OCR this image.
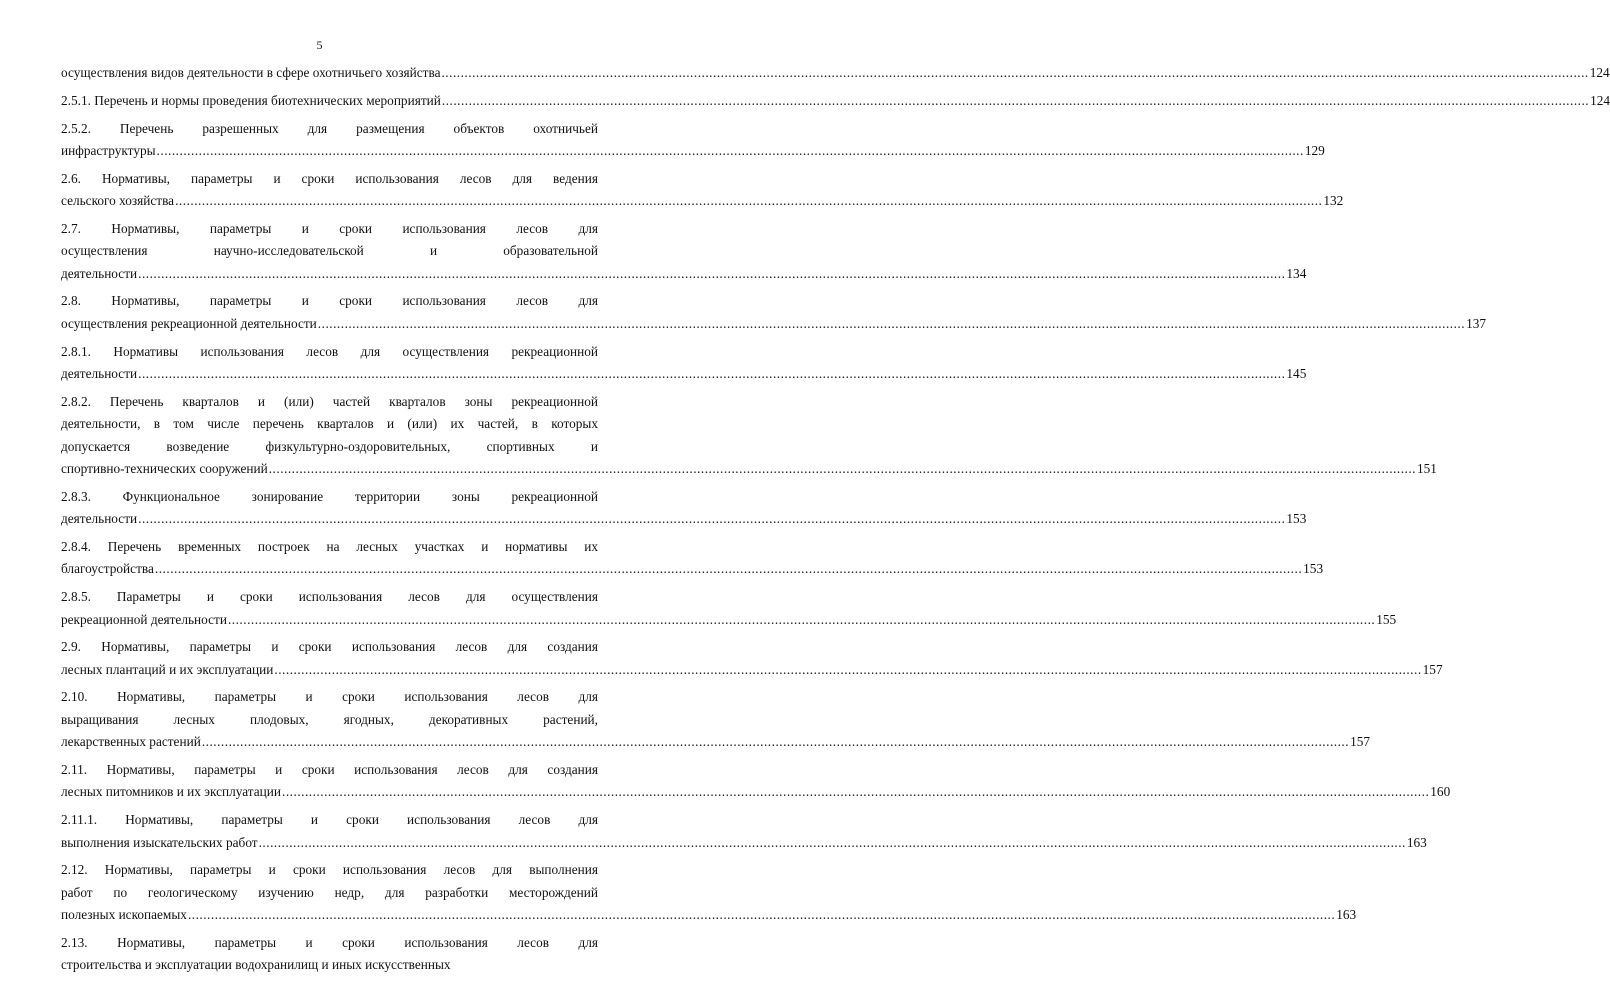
5
осуществления видов деятельности в сфере охотничьего хозяйства ............................................................................................................................................................................................................................................................................................................ 124
2.5.1. Перечень и нормы проведения биотехнических мероприятий ............................................................................................................................................................................................................................................................................................................ 124
2.5.2. Перечень разрешенных для размещения объектов охотничьей
инфраструктуры ............................................................................................................................................................................................................................................................................................................ 129
2.6. Нормативы, параметры и сроки использования лесов для ведения
сельского хозяйства ............................................................................................................................................................................................................................................................................................................ 132
2.7. Нормативы, параметры и сроки использования лесов для
осуществления научно-исследовательской и образовательной
деятельности ............................................................................................................................................................................................................................................................................................................ 134
2.8. Нормативы, параметры и сроки использования лесов для
осуществления рекреационной деятельности ............................................................................................................................................................................................................................................................................................................ 137
2.8.1. Нормативы использования лесов для осуществления рекреационной
деятельности ............................................................................................................................................................................................................................................................................................................ 145
2.8.2. Перечень кварталов и (или) частей кварталов зоны рекреационной
деятельности, в том числе перечень кварталов и (или) их частей, в которых
допускается возведение физкультурно-оздоровительных, спортивных и
спортивно-технических сооружений ............................................................................................................................................................................................................................................................................................................ 151
2.8.3. Функциональное зонирование территории зоны рекреационной
деятельности ............................................................................................................................................................................................................................................................................................................ 153
2.8.4. Перечень временных построек на лесных участках и нормативы их
благоустройства ............................................................................................................................................................................................................................................................................................................ 153
2.8.5. Параметры и сроки использования лесов для осуществления
рекреационной деятельности ............................................................................................................................................................................................................................................................................................................ 155
2.9. Нормативы, параметры и сроки использования лесов для создания
лесных плантаций и их эксплуатации ............................................................................................................................................................................................................................................................................................................ 157
2.10. Нормативы, параметры и сроки использования лесов для
выращивания лесных плодовых, ягодных, декоративных растений,
лекарственных растений ............................................................................................................................................................................................................................................................................................................ 157
2.11. Нормативы, параметры и сроки использования лесов для создания
лесных питомников и их эксплуатации ............................................................................................................................................................................................................................................................................................................ 160
2.11.1. Нормативы, параметры и сроки использования лесов для
выполнения изыскательских работ ............................................................................................................................................................................................................................................................................................................ 163
2.12. Нормативы, параметры и сроки использования лесов для выполнения
работ по геологическому изучению недр, для разработки месторождений
полезных ископаемых ............................................................................................................................................................................................................................................................................................................ 163
2.13. Нормативы, параметры и сроки использования лесов для
строительства и эксплуатации водохранилищ и иных искусственных
